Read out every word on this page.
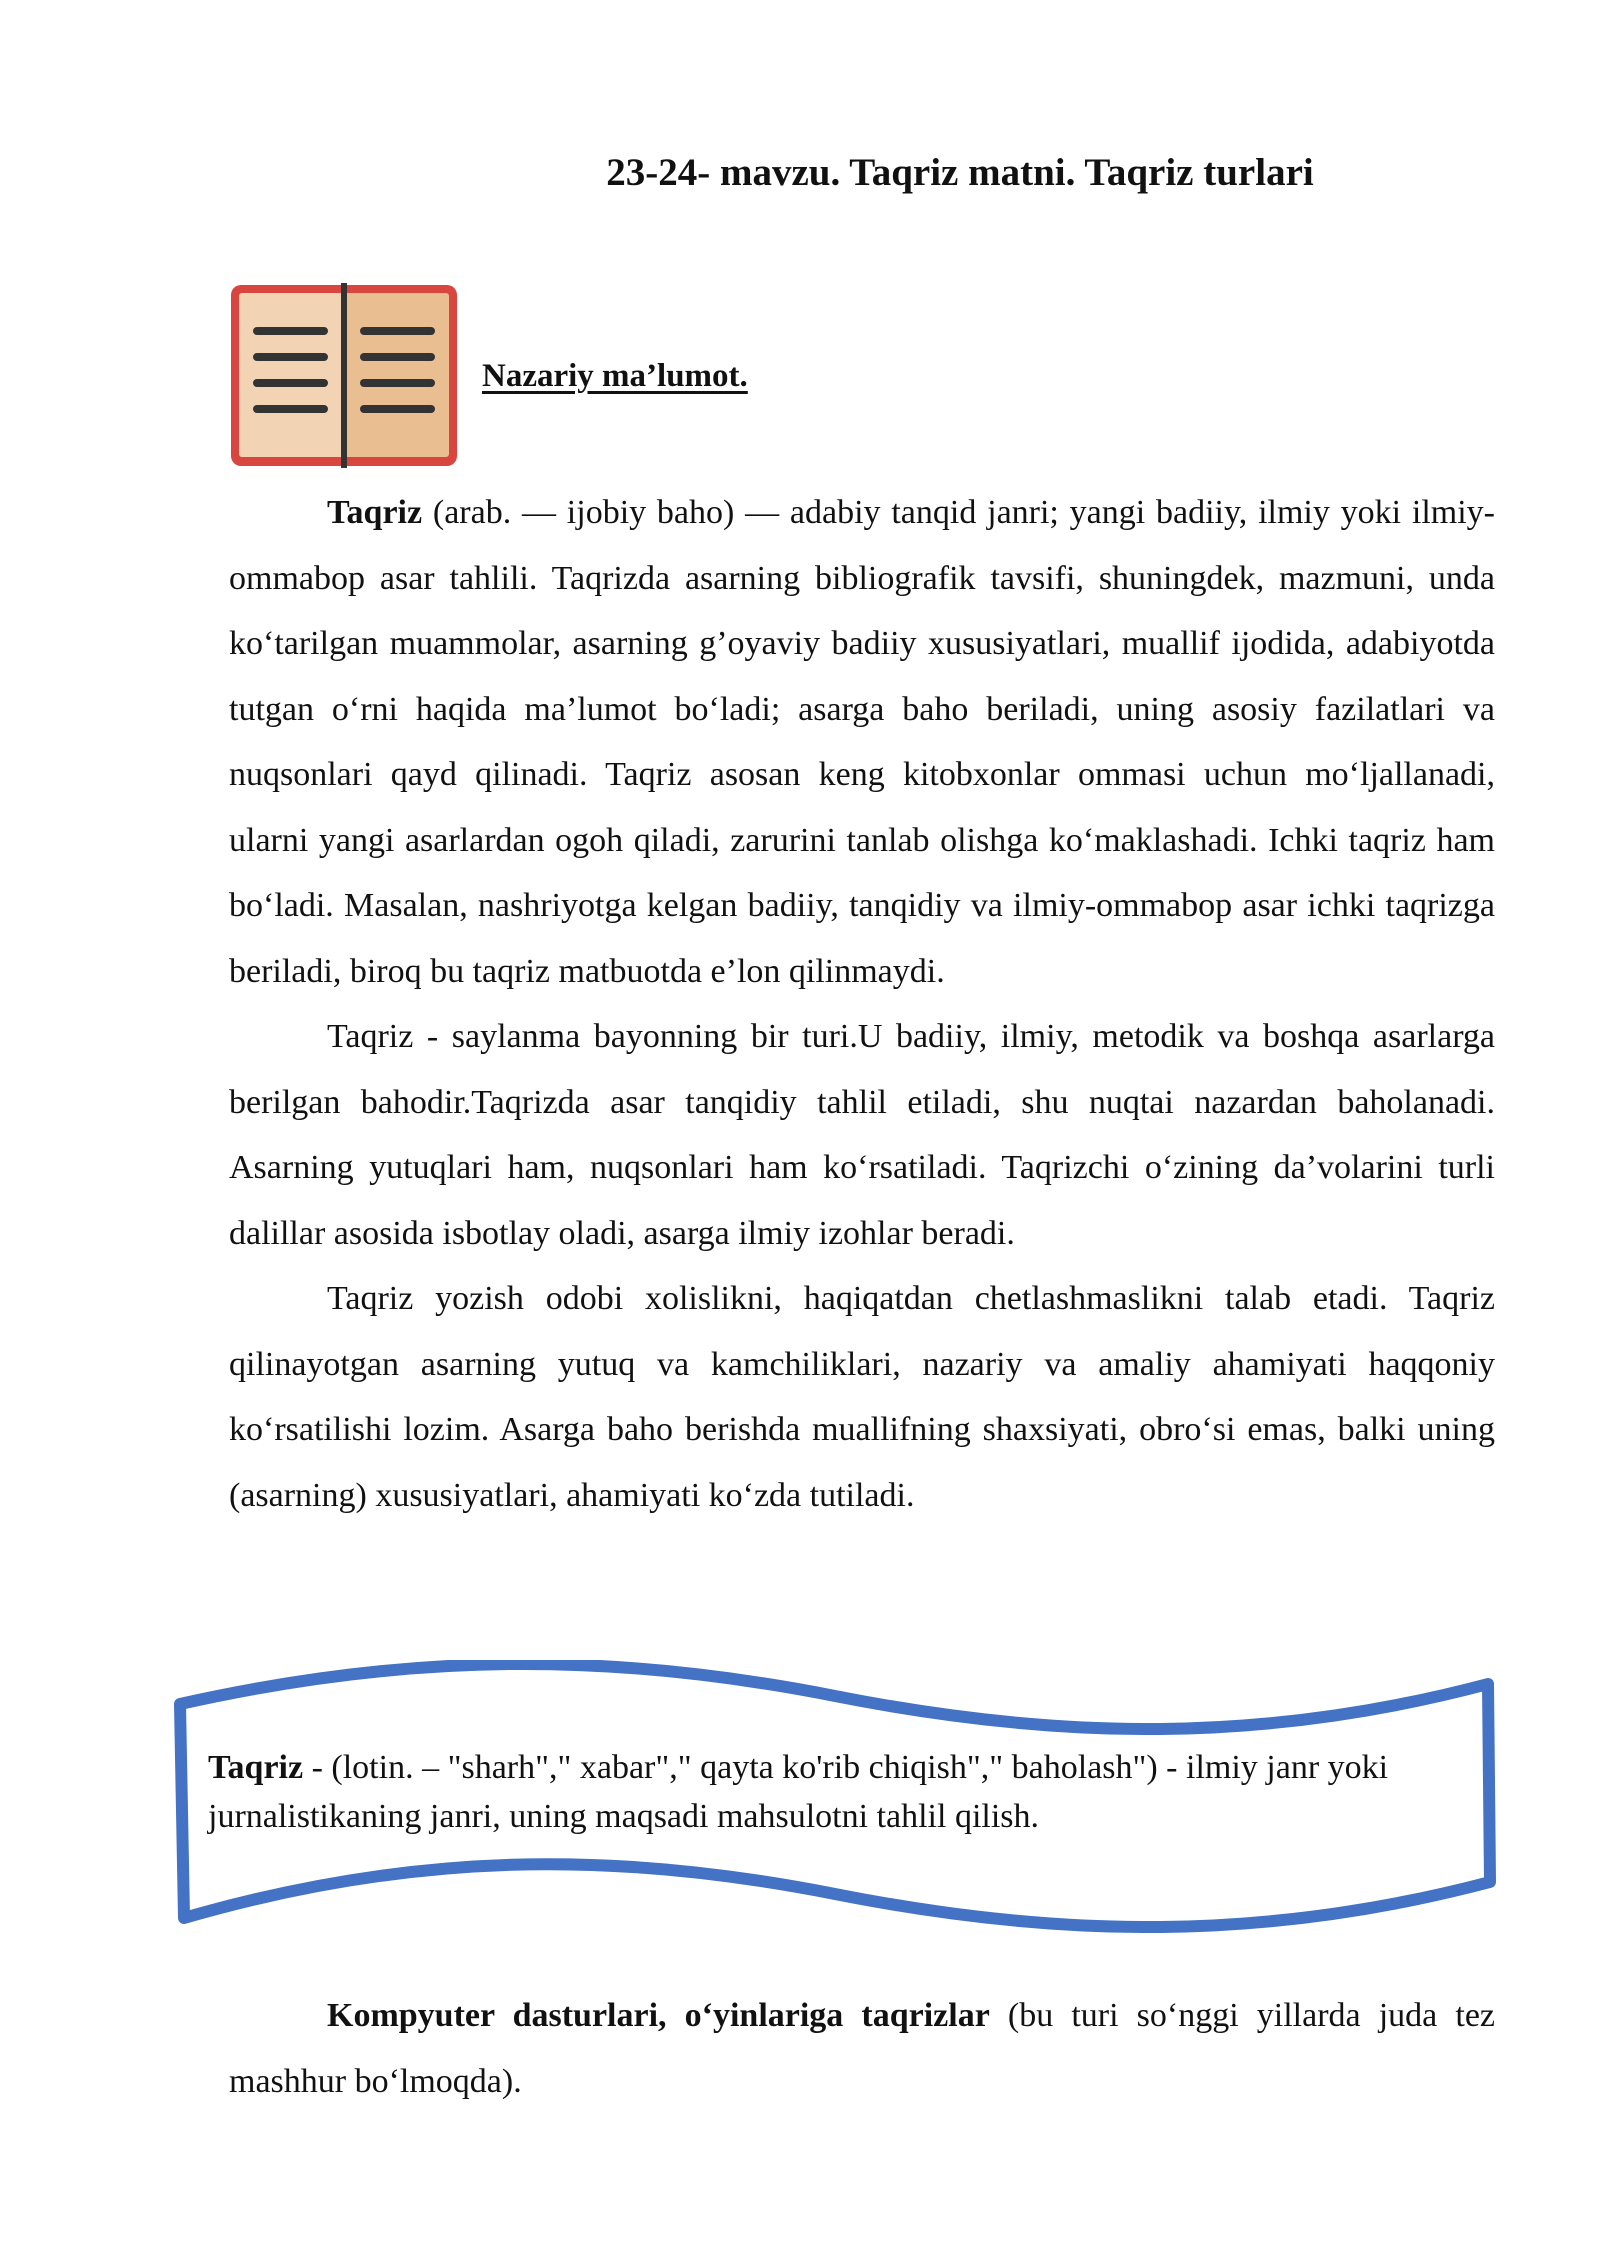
23-24- mavzu. Taqriz matni. Taqriz turlari
Nazariy ma’lumot.

Taqriz (arab. — ijobiy baho) — adabiy tanqid janri; yangi badiiy, ilmiy yoki ilmiy-ommabop asar tahlili. Taqrizda asarning bibliografik tavsifi, shuningdek, mazmuni, unda ko‘tarilgan muammolar, asarning g’oyaviy badiiy xususiyatlari, muallif ijodida, adabiyotda tutgan o‘rni haqida ma’lumot bo‘ladi; asarga baho beriladi, uning asosiy fazilatlari va nuqsonlari qayd qilinadi. Taqriz asosan keng kitobxonlar ommasi uchun mo‘ljallanadi, ularni yangi asarlardan ogoh qiladi, zarurini tanlab olishga ko‘maklashadi. Ichki taqriz ham bo‘ladi. Masalan, nashriyotga kelgan badiiy, tanqidiy va ilmiy-ommabop asar ichki taqrizga beriladi, biroq bu taqriz matbuotda e’lon qilinmaydi.

Taqriz - saylanma bayonning bir turi.U badiiy, ilmiy, metodik va boshqa asarlarga berilgan bahodir.Taqrizda asar tanqidiy tahlil etiladi, shu nuqtai nazardan baholanadi. Asarning yutuqlari ham, nuqsonlari ham ko‘rsatiladi. Taqrizchi o‘zining da’volarini turli dalillar asosida isbotlay oladi, asarga ilmiy izohlar beradi.

Taqriz yozish odobi xolislikni, haqiqatdan chetlashmaslikni talab etadi. Taqriz qilinayotgan asarning yutuq va kamchiliklari, nazariy va amaliy ahamiyati haqqoniy ko‘rsatilishi lozim. Asarga baho berishda muallifning shaxsiyati, obro‘si emas, balki uning (asarning) xususiyatlari, ahamiyati ko‘zda tutiladi.

Taqriz - (lotin. – "sharh"," xabar"," qayta ko'rib chiqish"," baholash") - ilmiy janr yoki jurnalistikaning janri, uning maqsadi mahsulotni tahlil qilish.

Kompyuter dasturlari, o‘yinlariga taqrizlar (bu turi so‘nggi yillarda juda tez mashhur bo‘lmoqda).
